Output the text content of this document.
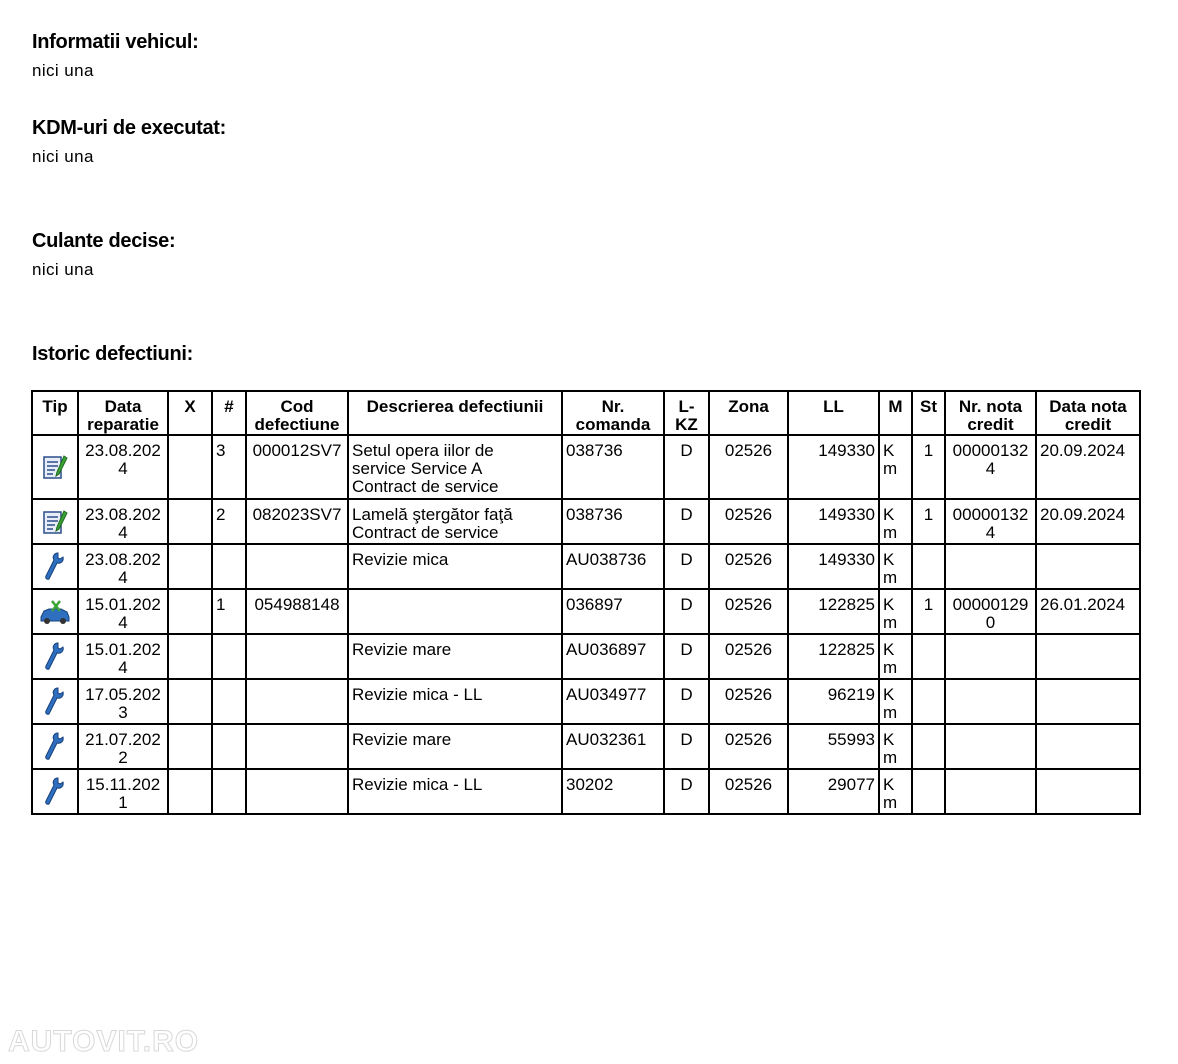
Informatii vehicul:

nici una

KDM-uri de executat:

nici una

Culante decise:

nici una

Istoric defectiuni:
Tip	Data reparatie	X	#	Cod defectiune	Descrierea defectiunii	Nr. comanda	L-KZ	Zona	LL	M	St	Nr. nota credit	Data nota credit

	23.08.2024		3	000012SV7	Setul opera iilor de
service Service A
Contract de service	038736	D	02526	149330	Km	1	000001324	20.09.2024

	23.08.2024		2	082023SV7	Lamelă ştergător faţă
Contract de service	038736	D	02526	149330	Km	1	000001324	20.09.2024

	23.08.2024				Revizie mica	AU038736	D	02526	149330	Km			

	15.01.2024		1	054988148		036897	D	02526	122825	Km	1	000001290	26.01.2024

	15.01.2024				Revizie mare	AU036897	D	02526	122825	Km			

	17.05.2023				Revizie mica - LL	AU034977	D	02526	96219	Km			

	21.07.2022				Revizie mare	AU032361	D	02526	55993	Km			

	15.11.2021				Revizie mica - LL	30202	D	02526	29077	Km			
AUTOVIT.RO
